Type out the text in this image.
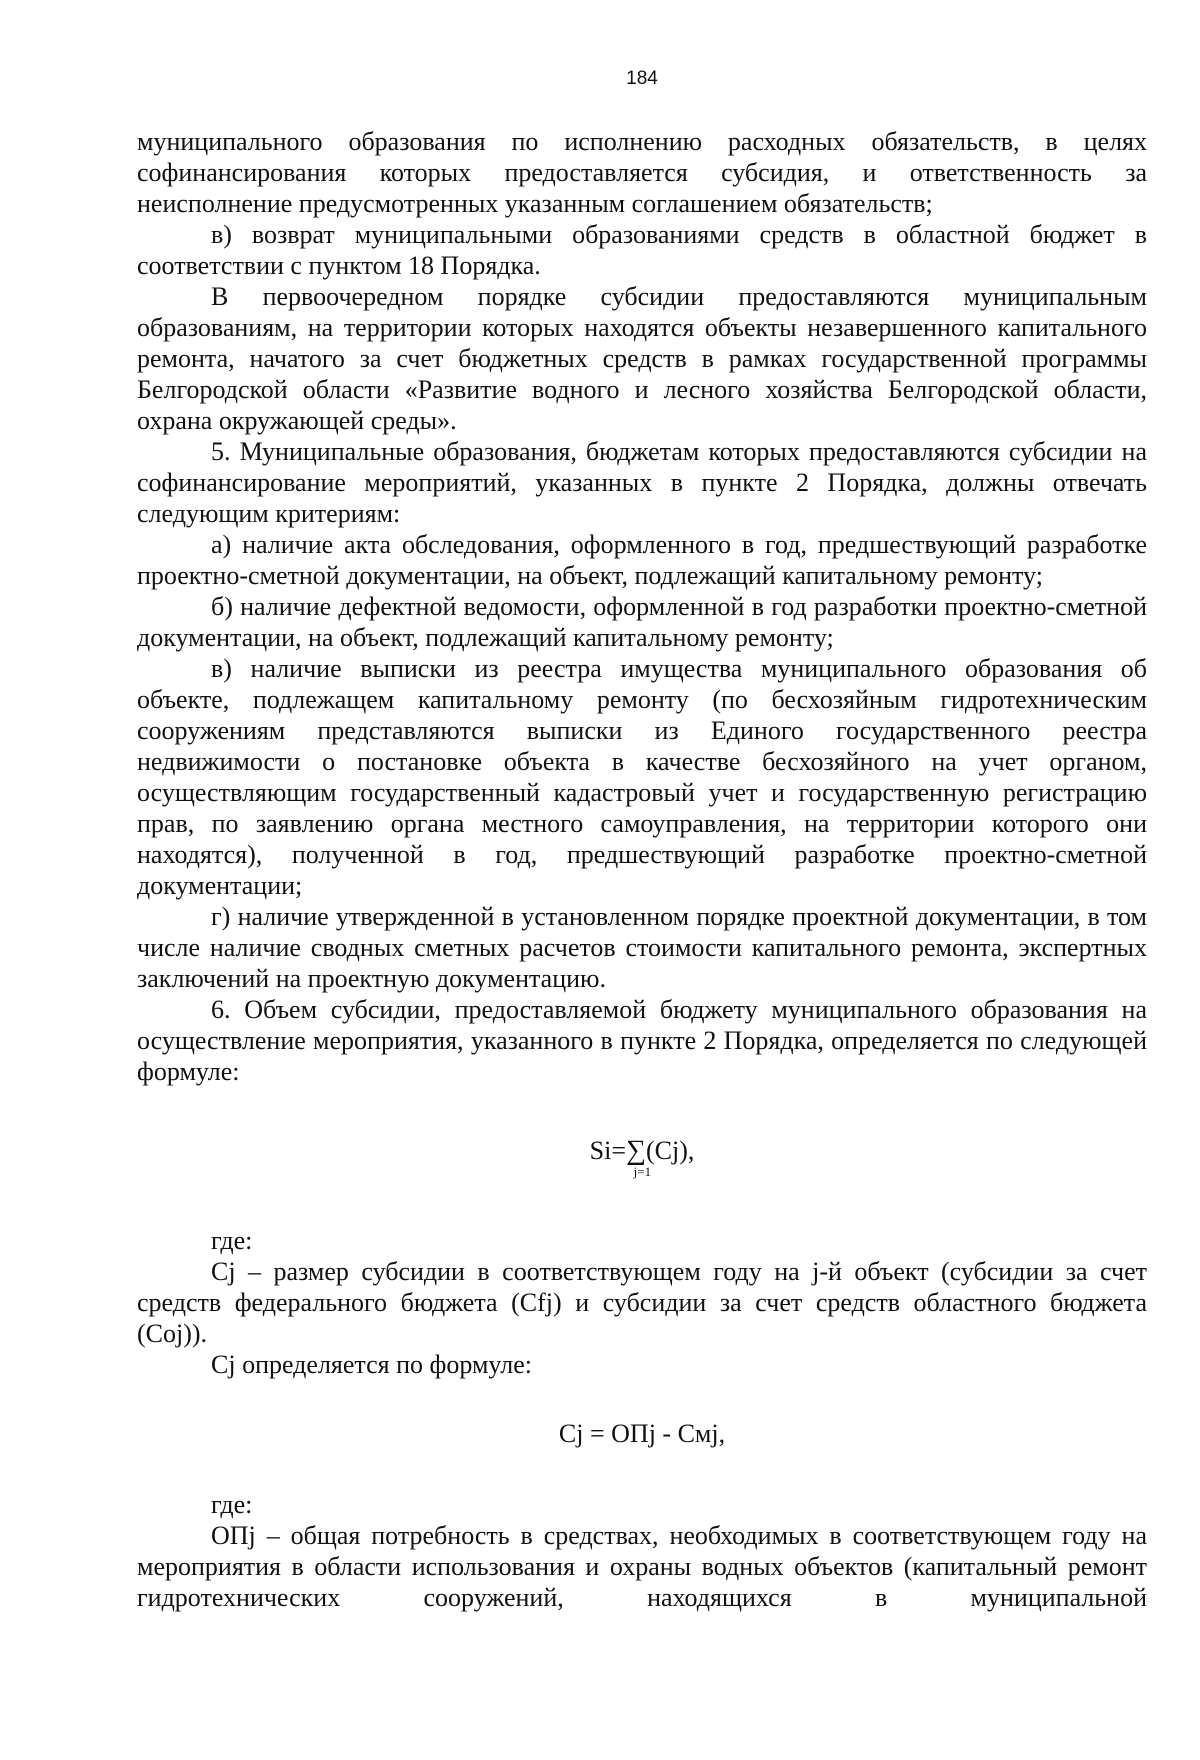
184

муниципального образования по исполнению расходных обязательств, в целях софинансирования которых предоставляется субсидия, и ответственность за неисполнение предусмотренных указанным соглашением обязательств;

в) возврат муниципальными образованиями средств в областной бюджет в соответствии с пунктом 18 Порядка.

В первоочередном порядке субсидии предоставляются муниципальным образованиям, на территории которых находятся объекты незавершенного капитального ремонта, начатого за счет бюджетных средств в рамках государственной программы Белгородской области «Развитие водного и лесного хозяйства Белгородской области, охрана окружающей среды».

5. Муниципальные образования, бюджетам которых предоставляются субсидии на софинансирование мероприятий, указанных в пункте 2 Порядка, должны отвечать следующим критериям:

а) наличие акта обследования, оформленного в год, предшествующий разработке проектно-сметной документации, на объект, подлежащий капитальному ремонту;

б) наличие дефектной ведомости, оформленной в год разработки проектно-сметной документации, на объект, подлежащий капитальному ремонту;

в) наличие выписки из реестра имущества муниципального образования об объекте, подлежащем капитальному ремонту (по бесхозяйным гидротехническим сооружениям представляются выписки из Единого государственного реестра недвижимости о постановке объекта в качестве бесхозяйного на учет органом, осуществляющим государственный кадастровый учет и государственную регистрацию прав, по заявлению органа местного самоуправления, на территории которого они находятся), полученной в год, предшествующий разработке проектно-сметной документации;

г) наличие утвержденной в установленном порядке проектной документации, в том числе наличие сводных сметных расчетов стоимости капитального ремонта, экспертных заключений на проектную документацию.

6. Объем субсидии, предоставляемой бюджету муниципального образования на осуществление мероприятия, указанного в пункте 2 Порядка, определяется по следующей формуле:

Si=∑(Cj),
j=1

где:

Cj – размер субсидии в соответствующем году на j-й объект (субсидии за счет средств федерального бюджета (Cfj) и субсидии за счет средств областного бюджета (Coj)).

Cj определяется по формуле:

Cj = ОПj - Смj,

где:

ОПj – общая потребность в средствах, необходимых в соответствующем году на мероприятия в области использования и охраны водных объектов (капитальный ремонт гидротехнических сооружений, находящихся в муниципальной
